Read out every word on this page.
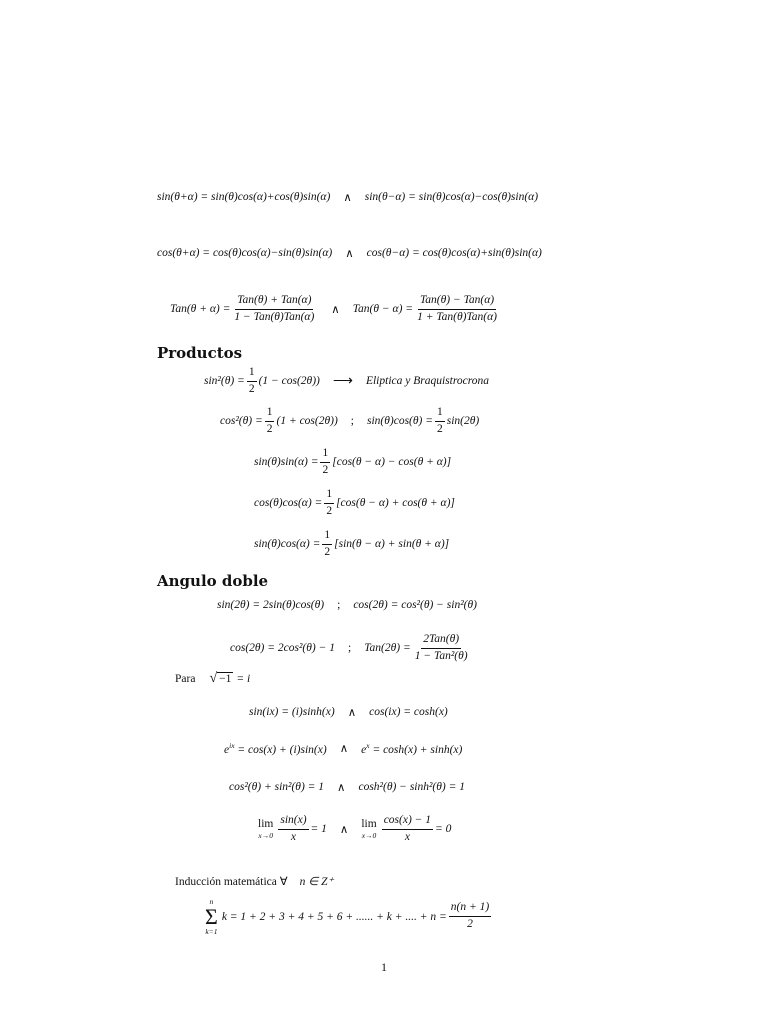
sin(θ+α) = sin(θ)cos(α)+cos(θ)sin(α) ∧ sin(θ−α) = sin(θ)cos(α)−cos(θ)sin(α)
cos(θ+α) = cos(θ)cos(α)−sin(θ)sin(α) ∧ cos(θ−α) = cos(θ)cos(α)+sin(θ)sin(α)
$Tan(\theta + \alpha) = \frac{\text{Tan(θ) + Tan(α)}}{\text{1 − Tan(θ)Tan(α)}}$ ∧ $Tan(\theta - \alpha) = \frac{\text{Tan(θ) − Tan(α)}}{\text{1 + Tan(θ)Tan(α)}}$
Productos
$\sin^2(\theta) = \frac{1}{2} (1 - \cos(2\theta))$ ⟶ Eliptica y Braquistrocrona
$\cos^2(\theta) = \frac{1}{2} (1 + \cos(2\theta))$ ; $\sin(\theta)\cos(\theta) = \frac{1}{2} \sin(2\theta)$
$\sin(\theta)\sin(\alpha) = \frac{1}{2} [\cos(\theta - \alpha) - \cos(\theta + \alpha)]$
$\cos(\theta)\cos(\alpha) = \frac{1}{2} [\cos(\theta - \alpha) + \cos(\theta + \alpha)]$
$\sin(\theta)\cos(\alpha) = \frac{1}{2} [\sin(\theta - \alpha) + \sin(\theta + \alpha)]$
Angulo doble
sin(2θ) = 2sin(θ)cos(θ) ; cos(2θ) = cos²(θ) − sin²(θ)
cos(2θ) = 2cos²(θ) − 1 ; $Tan(2\theta) = \frac{\text{2Tan(θ)}}{\text{1 − Tan²(θ)}}$
Para √ −1 = i
sin(ix) = (i)sinh(x) ∧ cos(ix) = cosh(x)
$e^{ix} = \cos(x) + (i)\sin(x)$ ∧ $e^x = \cosh(x) + \sinh(x)$
cos²(θ) + sin²(θ) = 1 ∧ cosh²(θ) − sinh²(θ) = 1
lim
$x\to 0 \frac{\sin(x)}{x} = 1$ ∧ lim
$x\to 0 \frac{\cos(x) - 1}{x} = 0$
Inducción matemática ∀ n ∈ Z⁺
n
Σ
k=1
k = 1 + 2 + 3 + 4 + 5 + 6 + ...... + k + .... + $n = \frac{n(n + 1)}{2}$
1
